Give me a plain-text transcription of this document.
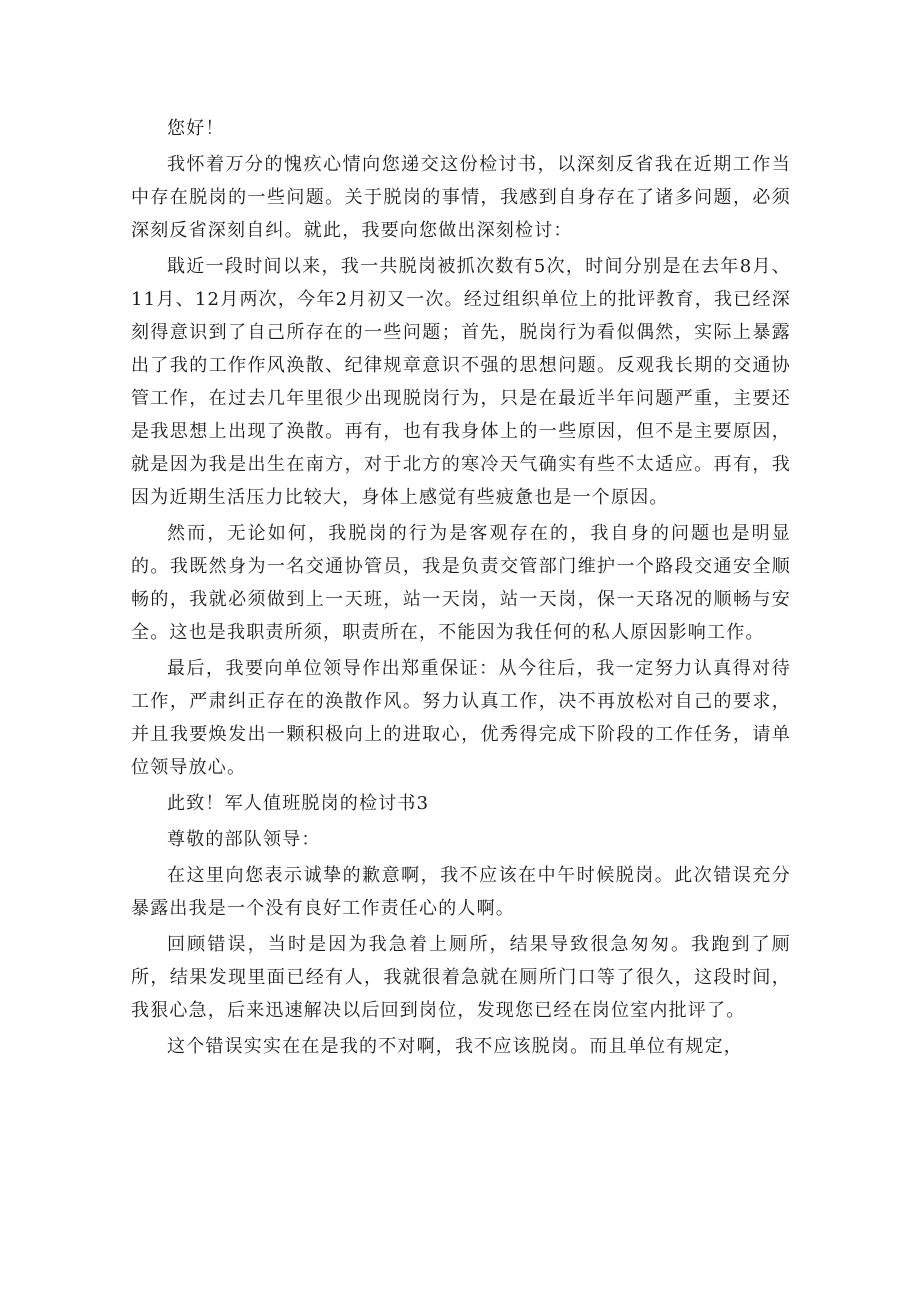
您好！

我怀着万分的愧疚心情向您递交这份检讨书，以深刻反省我在近期工作当中存在脱岗的一些问题。关于脱岗的事情，我感到自身存在了诸多问题，必须深刻反省深刻自纠。就此，我要向您做出深刻检讨：

戢近一段时间以来，我一共脱岗被抓次数有5次，时间分别是在去年8月、11月、12月两次，今年2月初又一次。经过组织单位上的批评教育，我已经深刻得意识到了自己所存在的一些问题；首先，脱岗行为看似偶然，实际上暴露出了我的工作作风涣散、纪律规章意识不强的思想问题。反观我长期的交通协管工作，在过去几年里很少出现脱岗行为，只是在最近半年问题严重，主要还是我思想上出现了涣散。再有，也有我身体上的一些原因，但不是主要原因，就是因为我是出生在南方，对于北方的寒冷天气确实有些不太适应。再有，我因为近期生活压力比较大，身体上感觉有些疲惫也是一个原因。

然而，无论如何，我脱岗的行为是客观存在的，我自身的问题也是明显的。我既然身为一名交通协管员，我是负责交管部门维护一个路段交通安全顺畅的，我就必须做到上一天班，站一天岗，站一天岗，保一天珞况的顺畅与安全。这也是我职责所须，职责所在，不能因为我任何的私人原因影响工作。

最后，我要向单位领导作出郑重保证：从今往后，我一定努力认真得对待工作，严肃纠正存在的涣散作风。努力认真工作，决不再放松对自己的要求，并且我要焕发出一颗积极向上的进取心，优秀得完成下阶段的工作任务，请单位领导放心。

此致！军人值班脱岗的检讨书3

尊敬的部队领导：

在这里向您表示诚挚的歉意啊，我不应该在中午时候脱岗。此次错误充分暴露出我是一个没有良好工作责任心的人啊。

回顾错误，当时是因为我急着上厕所，结果导致很急匆匆。我跑到了厕所，结果发现里面已经有人，我就很着急就在厕所门口等了很久，这段时间，我狠心急，后来迅速解决以后回到岗位，发现您已经在岗位室内批评了。

这个错误实实在在是我的不对啊，我不应该脱岗。而且单位有规定，
